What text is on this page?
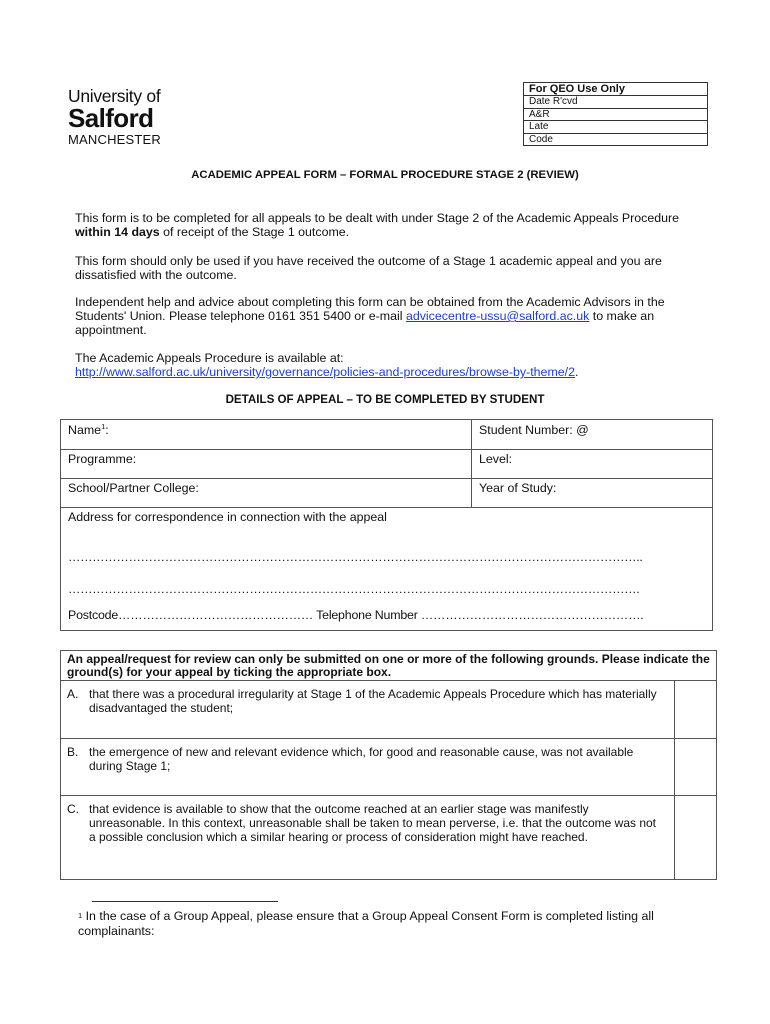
University of
Salford
MANCHESTER
For QEO Use Only
Date R'cvd
A&R
Late
Code
ACADEMIC APPEAL FORM – FORMAL PROCEDURE STAGE 2 (REVIEW)
This form is to be completed for all appeals to be dealt with under Stage 2 of the Academic Appeals Procedure within 14 days of receipt of the Stage 1 outcome.
This form should only be used if you have received the outcome of a Stage 1 academic appeal and you are dissatisfied with the outcome.
Independent help and advice about completing this form can be obtained from the Academic Advisors in the Students' Union. Please telephone 0161 351 5400 or e-mail advicecentre-ussu@salford.ac.uk to make an appointment.
The Academic Appeals Procedure is available at:
http://www.salford.ac.uk/university/governance/policies-and-procedures/browse-by-theme/2.
DETAILS OF APPEAL – TO BE COMPLETED BY STUDENT
Name$^1$:	Student Number: @
Programme:	Level:
School/Partner College:	Year of Study:
Address for correspondence in connection with the appeal
……………………………………………………………………………………………………………………………..
…………………………………………………………………………………………………………………………….
Postcode………………………………………… Telephone Number ……………………………………………….
An appeal/request for review can only be submitted on one or more of the following grounds. Please indicate the ground(s) for your appeal by ticking the appropriate box.
A. that there was a procedural irregularity at Stage 1 of the Academic Appeals Procedure which has materially disadvantaged the student;
B. the emergence of new and relevant evidence which, for good and reasonable cause, was not available during Stage 1;
C. that evidence is available to show that the outcome reached at an earlier stage was manifestly unreasonable. In this context, unreasonable shall be taken to mean perverse, i.e. that the outcome was not a possible conclusion which a similar hearing or process of consideration might have reached.
$^1$ In the case of a Group Appeal, please ensure that a Group Appeal Consent Form is completed listing all complainants:
